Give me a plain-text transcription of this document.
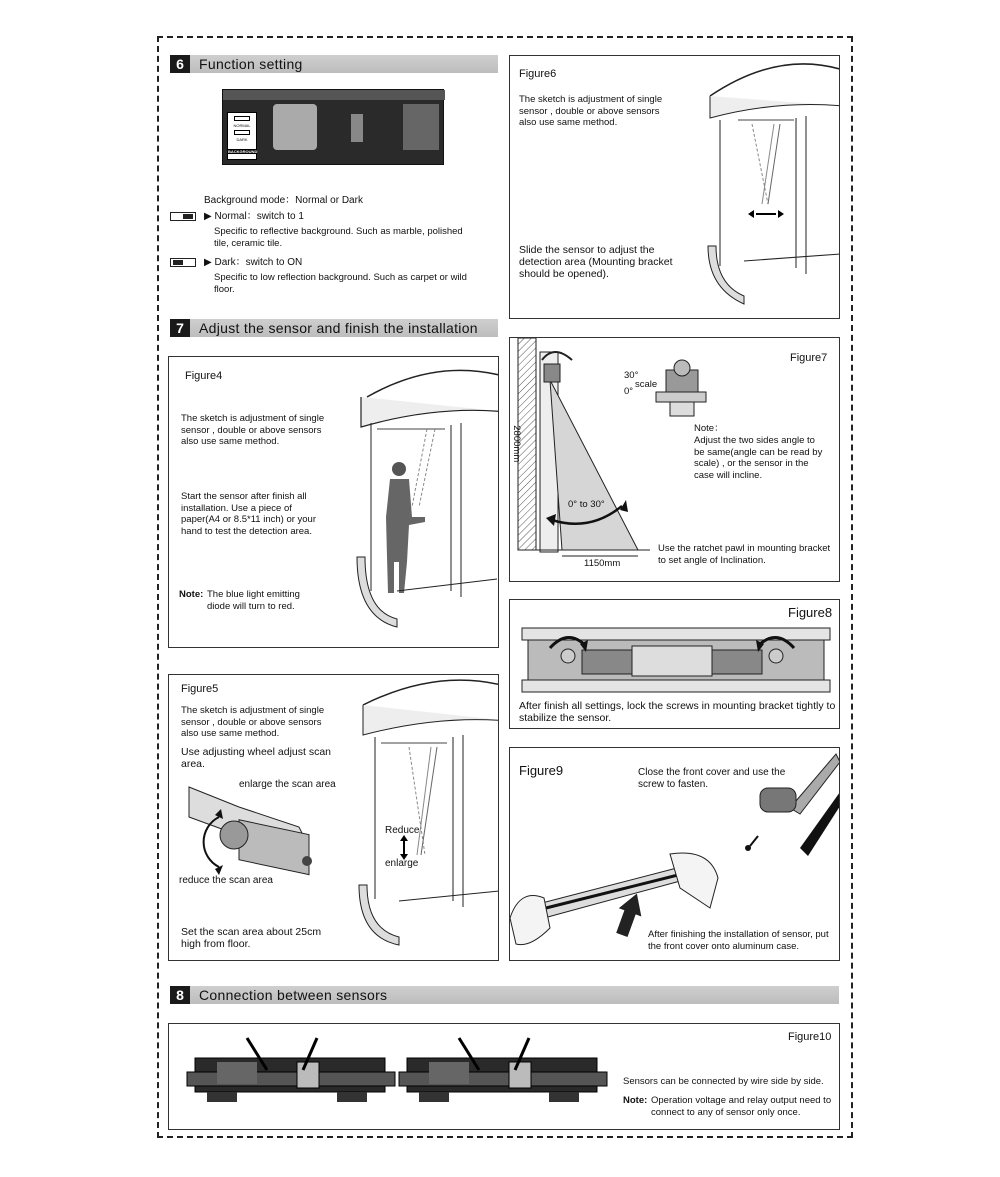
6	Function setting
NORMAL
DARK
BACKGROUND
Background mode：Normal or Dark
▶ Normal：switch to 1
Specific to reflective background. Such as marble, polished tile, ceramic tile.
▶ Dark：switch to ON
Specific to low reflection background. Such as carpet or wild floor.
7	Adjust the sensor and finish the installation
Figure4
The sketch is adjustment of single sensor , double or above sensors also use same method.
Start the sensor after finish all installation. Use a piece of paper(A4 or 8.5*11 inch) or your hand to test the detection area.
Note: The blue light emitting diode will turn to red.
Figure5
The sketch is adjustment of single sensor , double or above sensors also use same method.
Use adjusting wheel adjust scan area.
enlarge the scan area
reduce the scan area
Set the scan area about 25cm high from floor.
Reduce
enlarge
Figure6
The sketch is adjustment of single sensor , double or above sensors also use same method.
Slide the sensor to adjust the detection area (Mounting bracket should be opened).
Figure7
2800mm
0° to 30°
1150mm
30°
scale
0°
Note：
Adjust the two sides angle to be same(angle can be read by scale) , or the sensor in the case will incline.
Use the ratchet pawl in mounting bracket to set angle of Inclination.
Figure8
After finish all settings, lock the screws in mounting bracket tightly to stabilize the sensor.
Figure9	Close the front cover and use the screw to fasten.
After finishing the installation of sensor, put the front cover onto aluminum case.
8	Connection between sensors
Figure10
Sensors can be connected by wire side by side.
Note: Operation voltage and relay output need to connect to any of sensor only once.
